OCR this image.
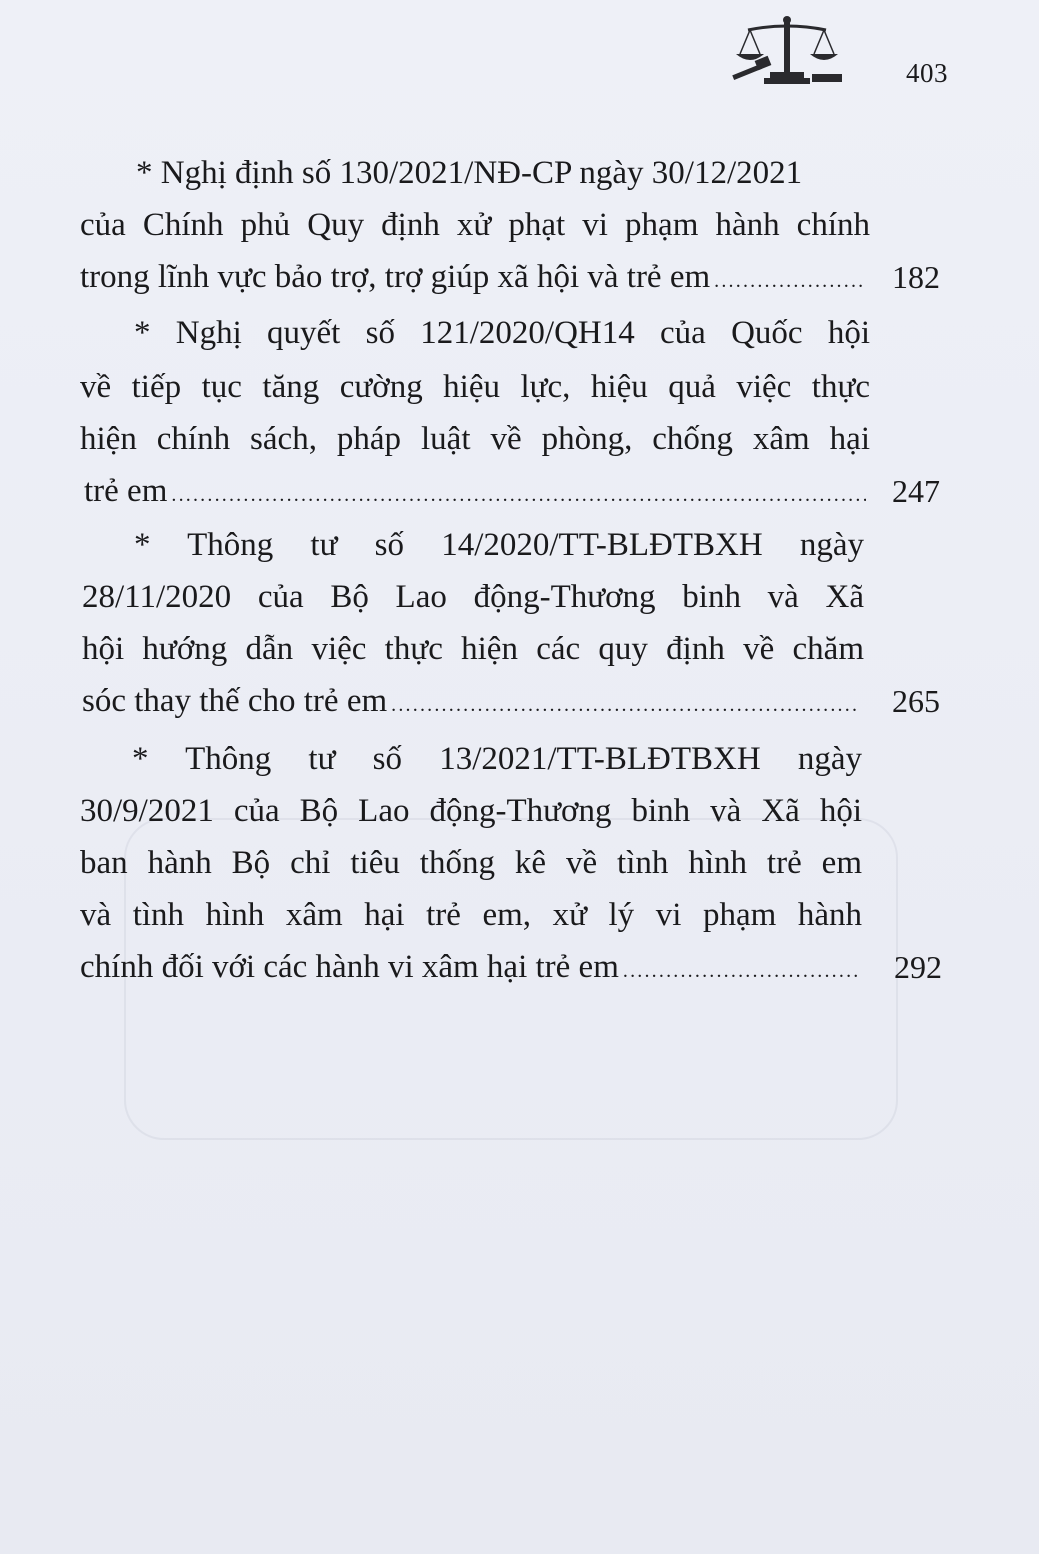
403
* Nghị định số 130/2021/NĐ-CP ngày 30/12/2021
của Chính phủ Quy định xử phạt vi phạm hành chính
trong lĩnh vực bảo trợ, trợ giúp xã hội và trẻ em . . .	182
* Nghị quyết số 121/2020/QH14 của Quốc hội
về tiếp tục tăng cường hiệu lực, hiệu quả việc thực
hiện chính sách, pháp luật về phòng, chống xâm hại
trẻ em . . .	247
* Thông tư số 14/2020/TT-BLĐTBXH ngày
28/11/2020 của Bộ Lao động-Thương binh và Xã
hội hướng dẫn việc thực hiện các quy định về chăm
sóc thay thế cho trẻ em . . .	265
* Thông tư số 13/2021/TT-BLĐTBXH ngày
30/9/2021 của Bộ Lao động-Thương binh và Xã hội
ban hành Bộ chỉ tiêu thống kê về tình hình trẻ em
và tình hình xâm hại trẻ em, xử lý vi phạm hành
chính đối với các hành vi xâm hại trẻ em . . .	292
